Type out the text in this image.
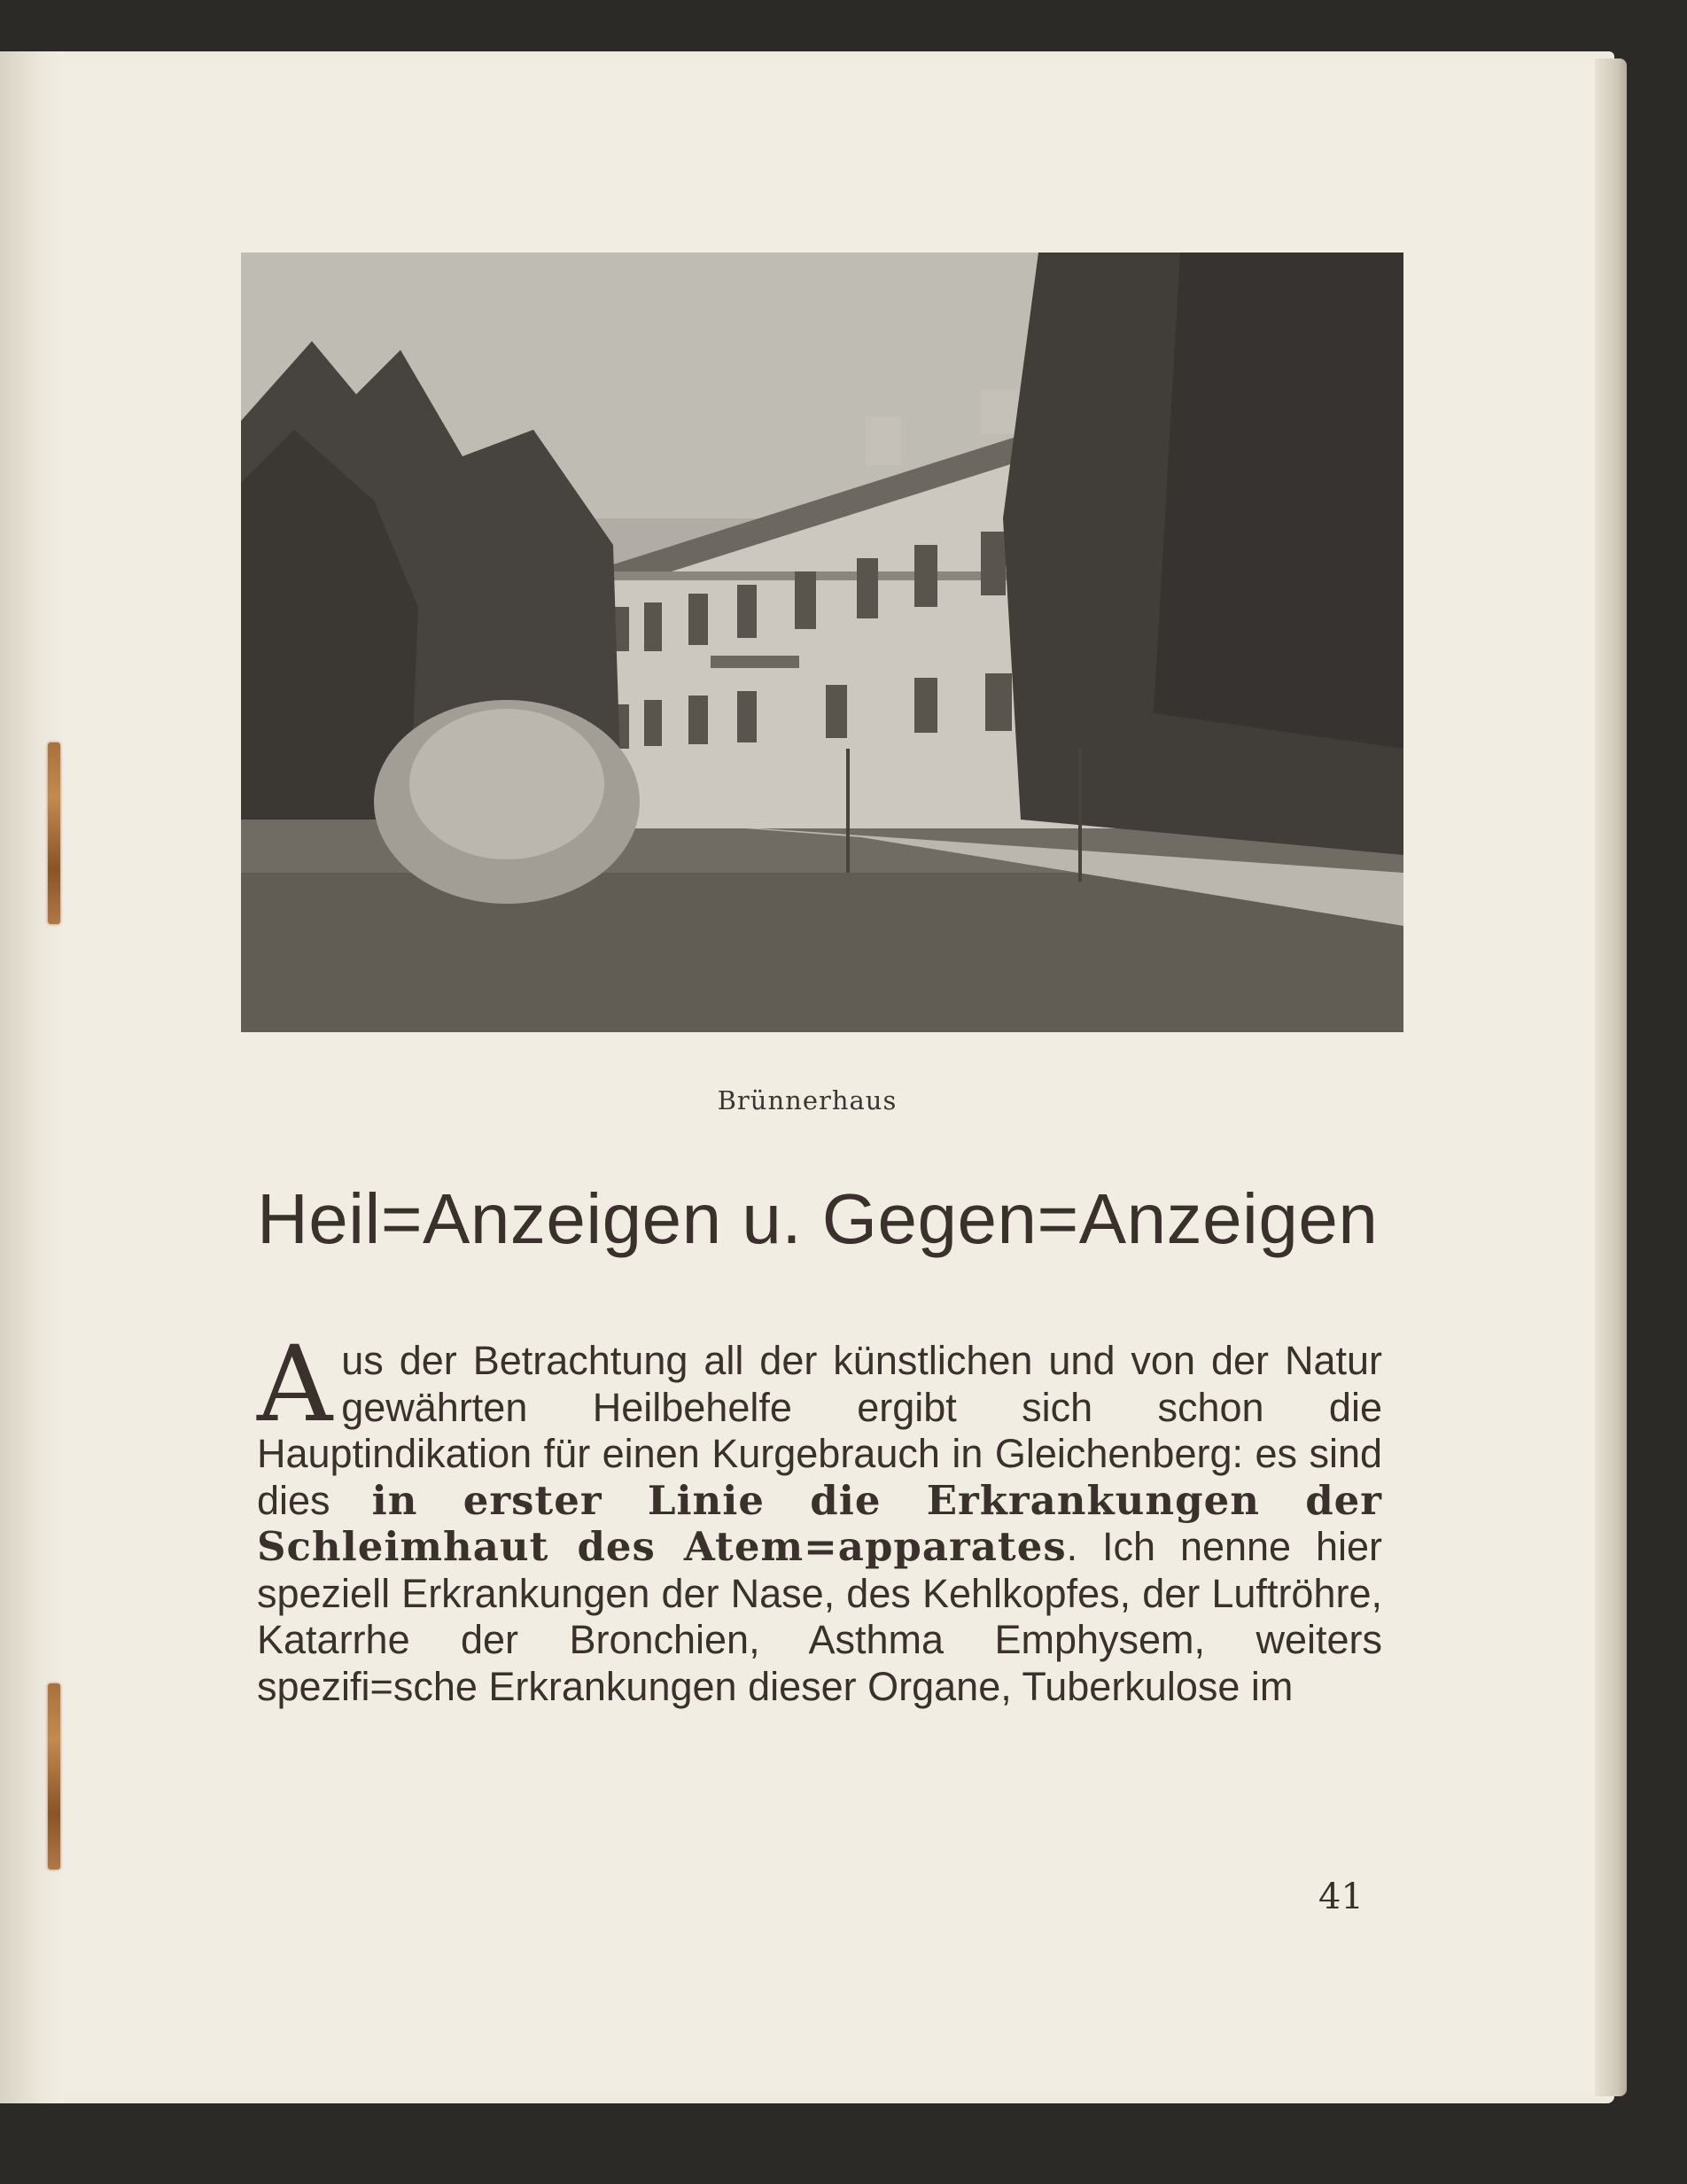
Brünnerhaus
Heil=Anzeigen u. Gegen=Anzeigen

Aus der Betrachtung all der künstlichen und von der Natur gewährten Heilbehelfe ergibt sich schon die Hauptindikation für einen Kurgebrauch in Gleichenberg: es sind dies in erster Linie die Erkrankungen der Schleimhaut des Atem=apparates. Ich nenne hier speziell Erkrankungen der Nase, des Kehlkopfes, der Luftröhre, Katarrhe der Bronchien, Asthma Emphysem, weiters spezifi=sche Erkrankungen dieser Organe, Tuberkulose im

41
